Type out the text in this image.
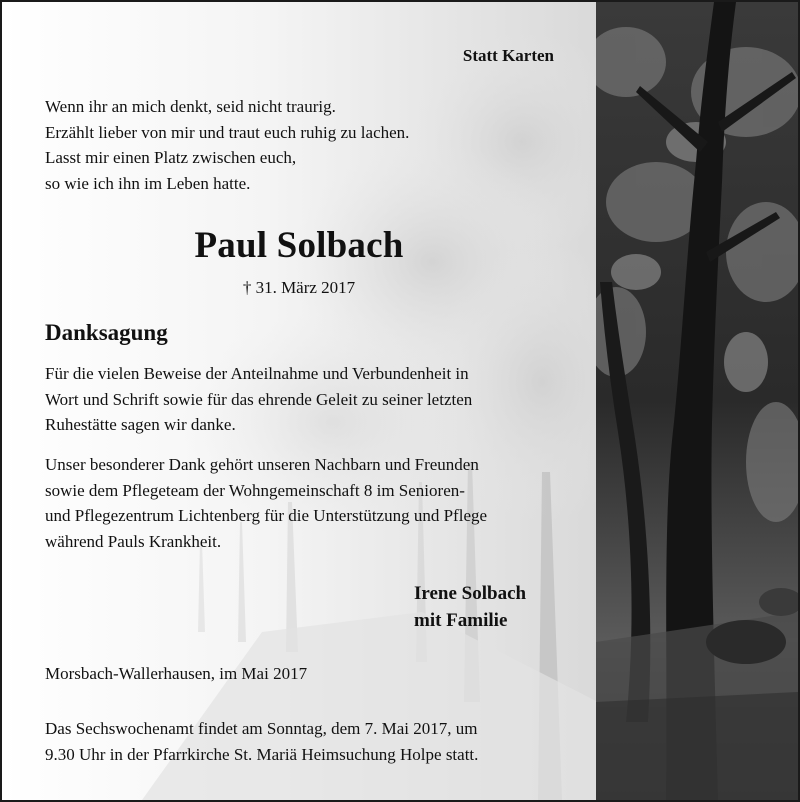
Statt Karten
Wenn ihr an mich denkt, seid nicht traurig.
Erzählt lieber von mir und traut euch ruhig zu lachen.
Lasst mir einen Platz zwischen euch,
so wie ich ihn im Leben hatte.
Paul Solbach
† 31. März 2017
Danksagung
Für die vielen Beweise der Anteilnahme und Verbundenheit in
Wort und Schrift sowie für das ehrende Geleit zu seiner letzten
Ruhestätte sagen wir danke.
Unser besonderer Dank gehört unseren Nachbarn und Freunden
sowie dem Pflegeteam der Wohngemeinschaft 8 im Senioren-
und Pflegezentrum Lichtenberg für die Unterstützung und Pflege
während Pauls Krankheit.
Irene Solbach
mit Familie
Morsbach-Wallerhausen, im Mai 2017
Das Sechswochenamt findet am Sonntag, dem 7. Mai 2017, um
9.30 Uhr in der Pfarrkirche St. Mariä Heimsuchung Holpe statt.
